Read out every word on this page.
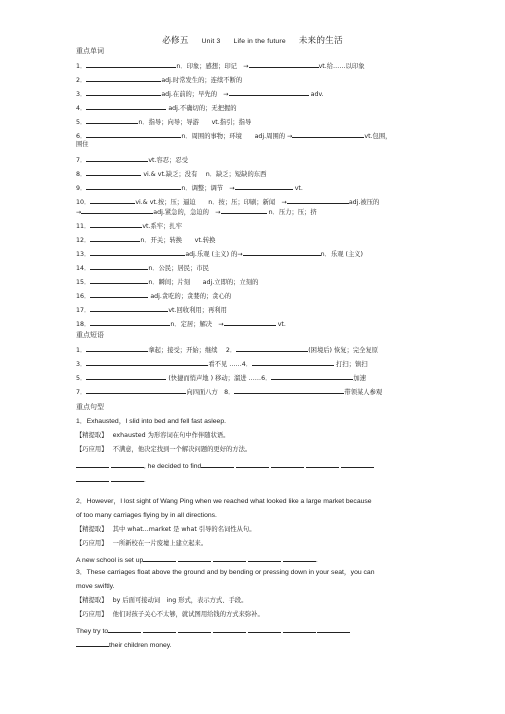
必修五 Unit 3 Life in the future 未来的生活
重点单词
1．	n．印象；感想；印记　→	vt.给……以印象
2．	adj.时常发生的；连续不断的
3．	adj.在前的；早先的　→	adv.
4．	adj.不确切的；无把握的
5．	n．指导；向导；导游　　vt.指引；指导
6．	n．周围的事物；环境　　adj.周围的 →	vt.包围，
围住
7．	vt.容忍；忍受
8．	vi.& vt.缺乏；没有　 n．缺乏；短缺的东西
9．	n．调整；调节　→	vt.
10．	vi.& vt.按；压；逼迫　　n．按；压；印刷；新闻　→	adj.被压的
→	adj.紧急的，急迫的　→	n．压力；压；挤
11．	vt.系牢；扎牢
12．	n．开关；转换　　vt.转换
13．	adj.乐观 (主义) 的→	n．乐观 (主义)
14．	n．公民；居民；市民
15．	n．瞬间；片刻　　adj.立即的；立刻的
16．	adj.贪吃的；贪婪的；贪心的
17．	vt.回收利用；再利用
18．	n．定居；解决　→	vt.
重点短语
1．	拿起；接受；开始；继续　 2．	(困境后) 恢复；完全复原
3．	看不见 ……4．	打扫；镇扫
5．	(快捷而悄声地 ) 移动；溜进 ……6．	加速
7．	向四面八方　8．	带领某人参观
重点句型
1．Exhausted，I slid into bed and fell fast asleep.
【精提取】　 exhausted 为形容词在句中作伴随状语。
【巧应用】　 不满意，他决定找到一个解决问题的更好的方法。
, he decided to find
.
2．However，I lost sight of Wang Ping when we reached what looked like a large market because
of too many carriages flying by in all directions.
【精提取】　 其中 what...market 是 what 引导的名词性从句。
【巧应用】　 一所新校在一片废墟上建立起来。
A new school is set up	.
3．These carriages float above the ground and by bending or pressing down in your seat，you can
move swiftly.
【精提取】　 by 后面可接动词　ing 形式，表示方式、手段。
【巧应用】　 他们对孩子关心不太够，就试图用给钱的方式来弥补。
They try to
their children money.
